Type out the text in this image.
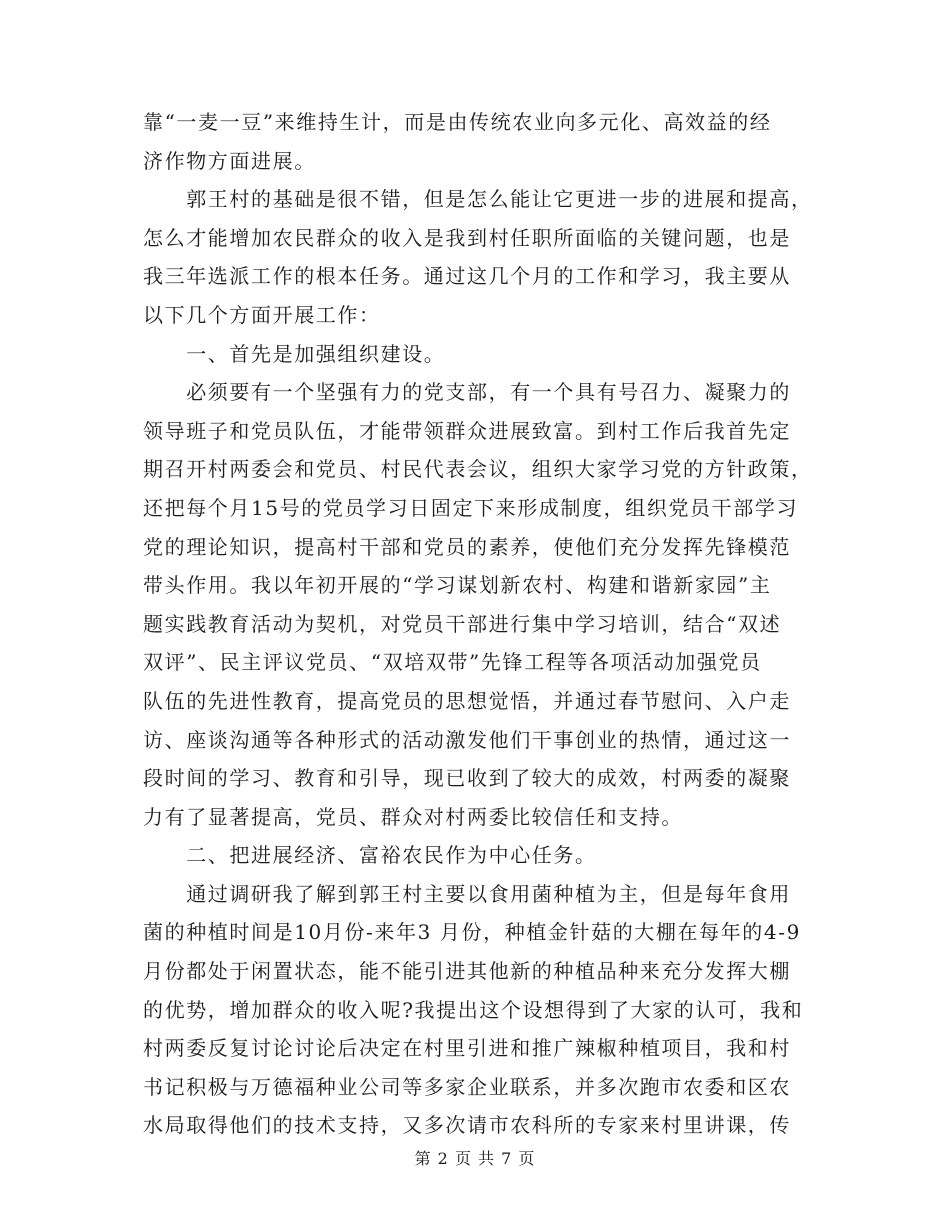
靠“一麦一豆”来维持生计，而是由传统农业向多元化、高效益的经
济作物方面进展。
　　郭王村的基础是很不错，但是怎么能让它更进一步的进展和提高，
怎么才能增加农民群众的收入是我到村任职所面临的关键问题，也是
我三年选派工作的根本任务。通过这几个月的工作和学习，我主要从
以下几个方面开展工作：
　　一、首先是加强组织建设。
　　必须要有一个坚强有力的党支部，有一个具有号召力、凝聚力的
领导班子和党员队伍，才能带领群众进展致富。到村工作后我首先定
期召开村两委会和党员、村民代表会议，组织大家学习党的方针政策，
还把每个月15号的党员学习日固定下来形成制度，组织党员干部学习
党的理论知识，提高村干部和党员的素养，使他们充分发挥先锋模范
带头作用。我以年初开展的“学习谋划新农村、构建和谐新家园”主
题实践教育活动为契机，对党员干部进行集中学习培训，结合“双述
双评”、民主评议党员、“双培双带”先锋工程等各项活动加强党员
队伍的先进性教育，提高党员的思想觉悟，并通过春节慰问、入户走
访、座谈沟通等各种形式的活动激发他们干事创业的热情，通过这一
段时间的学习、教育和引导，现已收到了较大的成效，村两委的凝聚
力有了显著提高，党员、群众对村两委比较信任和支持。
　　二、把进展经济、富裕农民作为中心任务。
　　通过调研我了解到郭王村主要以食用菌种植为主，但是每年食用
菌的种植时间是10月份-来年3 月份，种植金针菇的大棚在每年的4-9
月份都处于闲置状态，能不能引进其他新的种植品种来充分发挥大棚
的优势，增加群众的收入呢?我提出这个设想得到了大家的认可，我和
村两委反复讨论讨论后决定在村里引进和推广辣椒种植项目，我和村
书记积极与万德福种业公司等多家企业联系，并多次跑市农委和区农
水局取得他们的技术支持，又多次请市农科所的专家来村里讲课，传
第 2 页 共 7 页
